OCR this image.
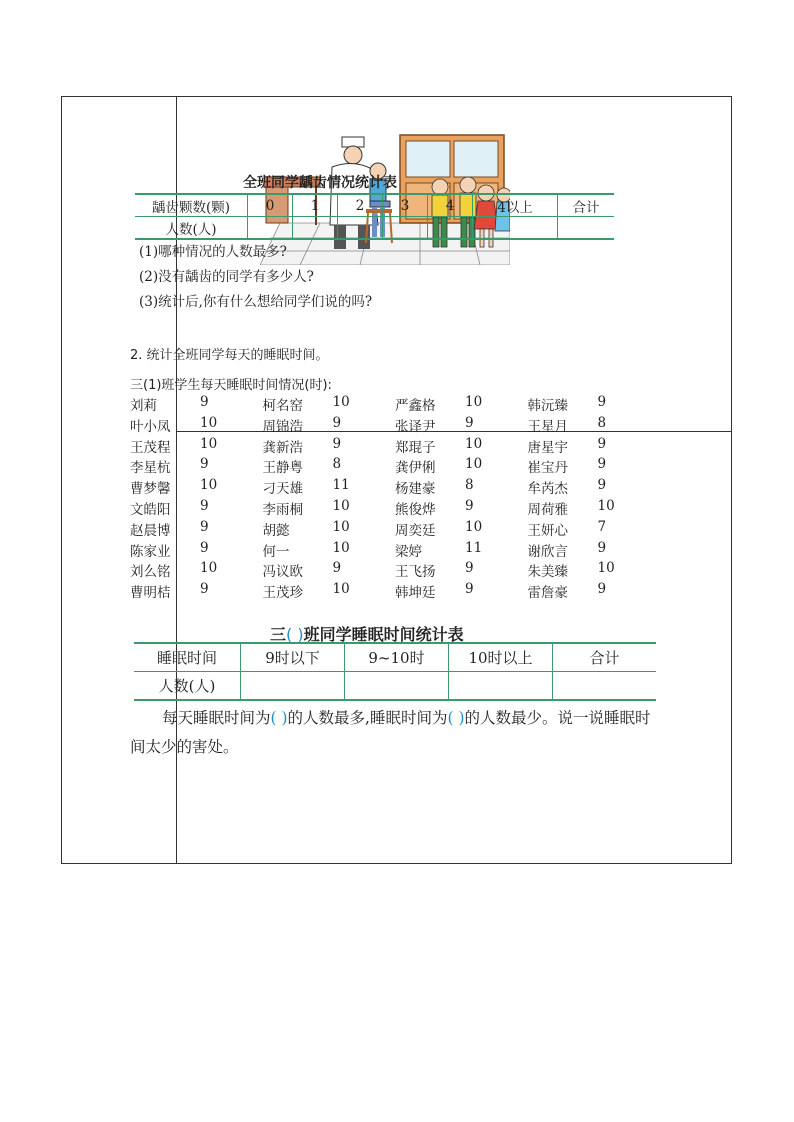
全班同学龋齿情况统计表
龋齿颗数(颗)	0	1	2	3	4	4以上	合计
人数(人)							
(1)哪种情况的人数最多?
(2)没有龋齿的同学有多少人?
(3)统计后,你有什么想给同学们说的吗?
2. 统计全班同学每天的睡眠时间。
三(1)班学生每天睡眠时间情况(时):
刘莉	9	柯名窑	10	严鑫格	10	韩沅臻	9
叶小凤	10	周锦浩	9	张译尹	9	王星月	8
王茂程	10	龚新浩	9	郑琨子	10	唐星宇	9
李星杭	9	王静粤	8	龚伊俐	10	崔宝丹	9
曹梦馨	10	刁天雄	11	杨建豪	8	牟芮杰	9
文皓阳	9	李雨桐	10	熊俊烨	9	周荷雅	10
赵晨博	9	胡懿	10	周奕廷	10	王妍心	7
陈家业	9	何一	10	梁婷	11	谢欣言	9
刘么铭	10	冯议欧	9	王飞扬	9	朱美臻	10
曹明桔	9	王茂珍	10	韩坤廷	9	雷詹豪	9
三( )班同学睡眠时间统计表
睡眠时间	9时以下	9~10时	10时以上	合计
人数(人)				
每天睡眠时间为( )的人数最多,睡眠时间为( )的人数最少。说一说睡眠时间太少的害处。
